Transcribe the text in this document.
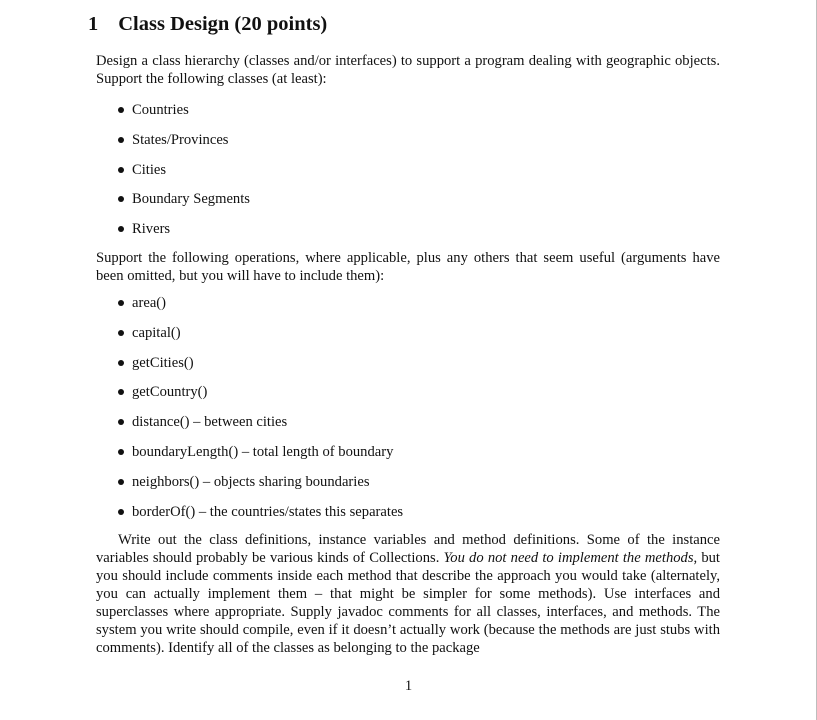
1 Class Design (20 points)

Design a class hierarchy (classes and/or interfaces) to support a program dealing with geographic objects. Support the following classes (at least):

Countries
States/Provinces
Cities
Boundary Segments
Rivers

Support the following operations, where applicable, plus any others that seem useful (arguments have been omitted, but you will have to include them):

area()
capital()
getCities()
getCountry()
distance() – between cities
boundaryLength() – total length of boundary
neighbors() – objects sharing boundaries
borderOf() – the countries/states this separates

Write out the class definitions, instance variables and method definitions. Some of the instance variables should probably be various kinds of Collections. You do not need to implement the methods, but you should include comments inside each method that describe the approach you would take (alternately, you can actually implement them – that might be simpler for some methods). Use interfaces and superclasses where appropriate. Supply javadoc comments for all classes, interfaces, and methods. The system you write should compile, even if it doesn’t actually work (because the methods are just stubs with comments). Identify all of the classes as belonging to the package

1
